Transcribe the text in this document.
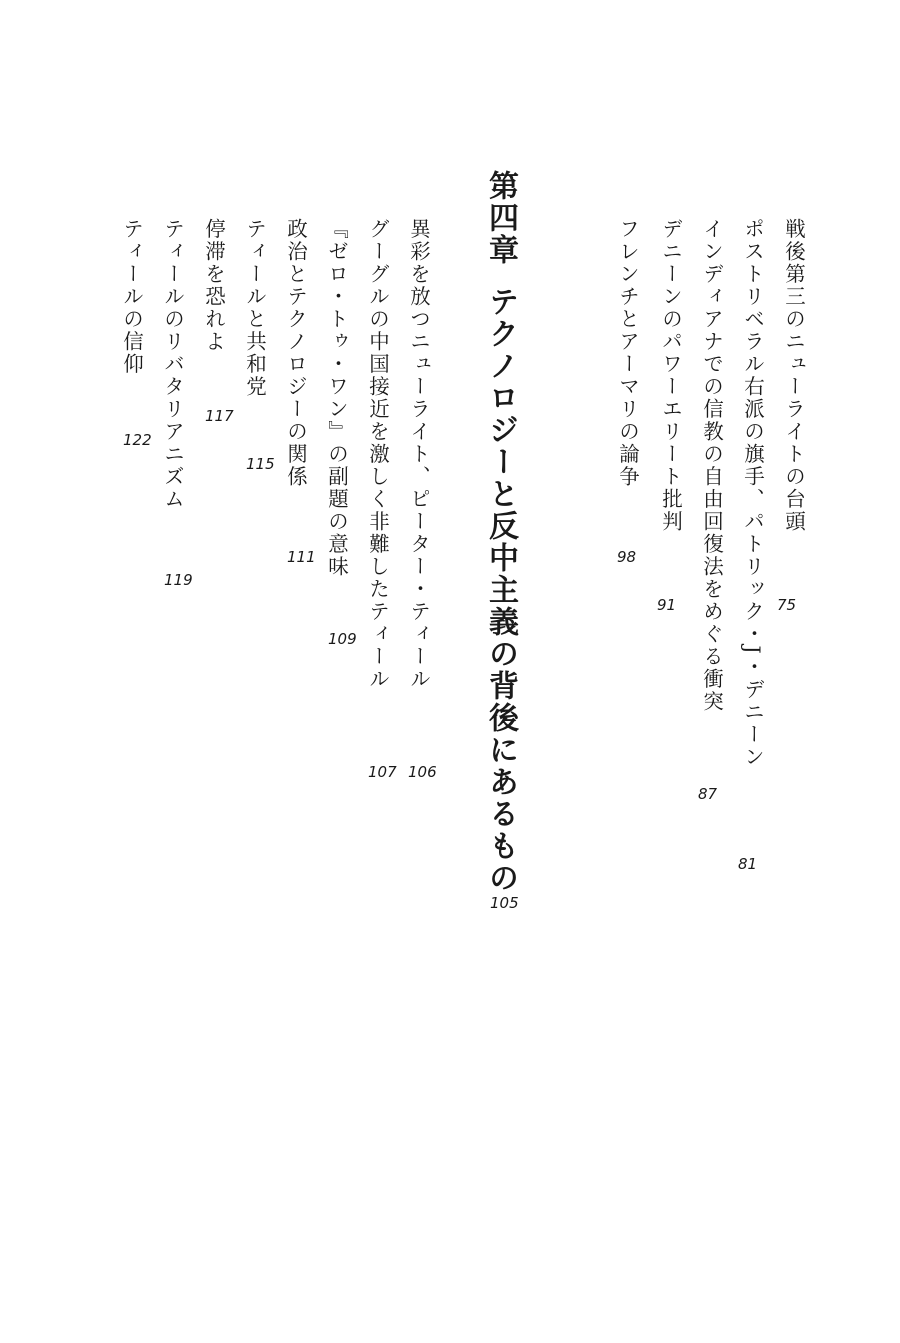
戦後第三のニューライトの台頭
75
ポストリベラル右派の旗手、パトリック・J・デニーン
81
インディアナでの信教の自由回復法をめぐる衝突
87
デニーンのパワーエリート批判
91
フレンチとアーマリの論争
98
第四章テクノロジーと反中主義の背後にあるもの
105
異彩を放つニューライト、ピーター・ティール
106
グーグルの中国接近を激しく非難したティール
107
『ゼロ・トゥ・ワン』の副題の意味
109
政治とテクノロジーの関係
111
ティールと共和党
115
停滞を恐れよ
117
ティールのリバタリアニズム
119
ティールの信仰
122
